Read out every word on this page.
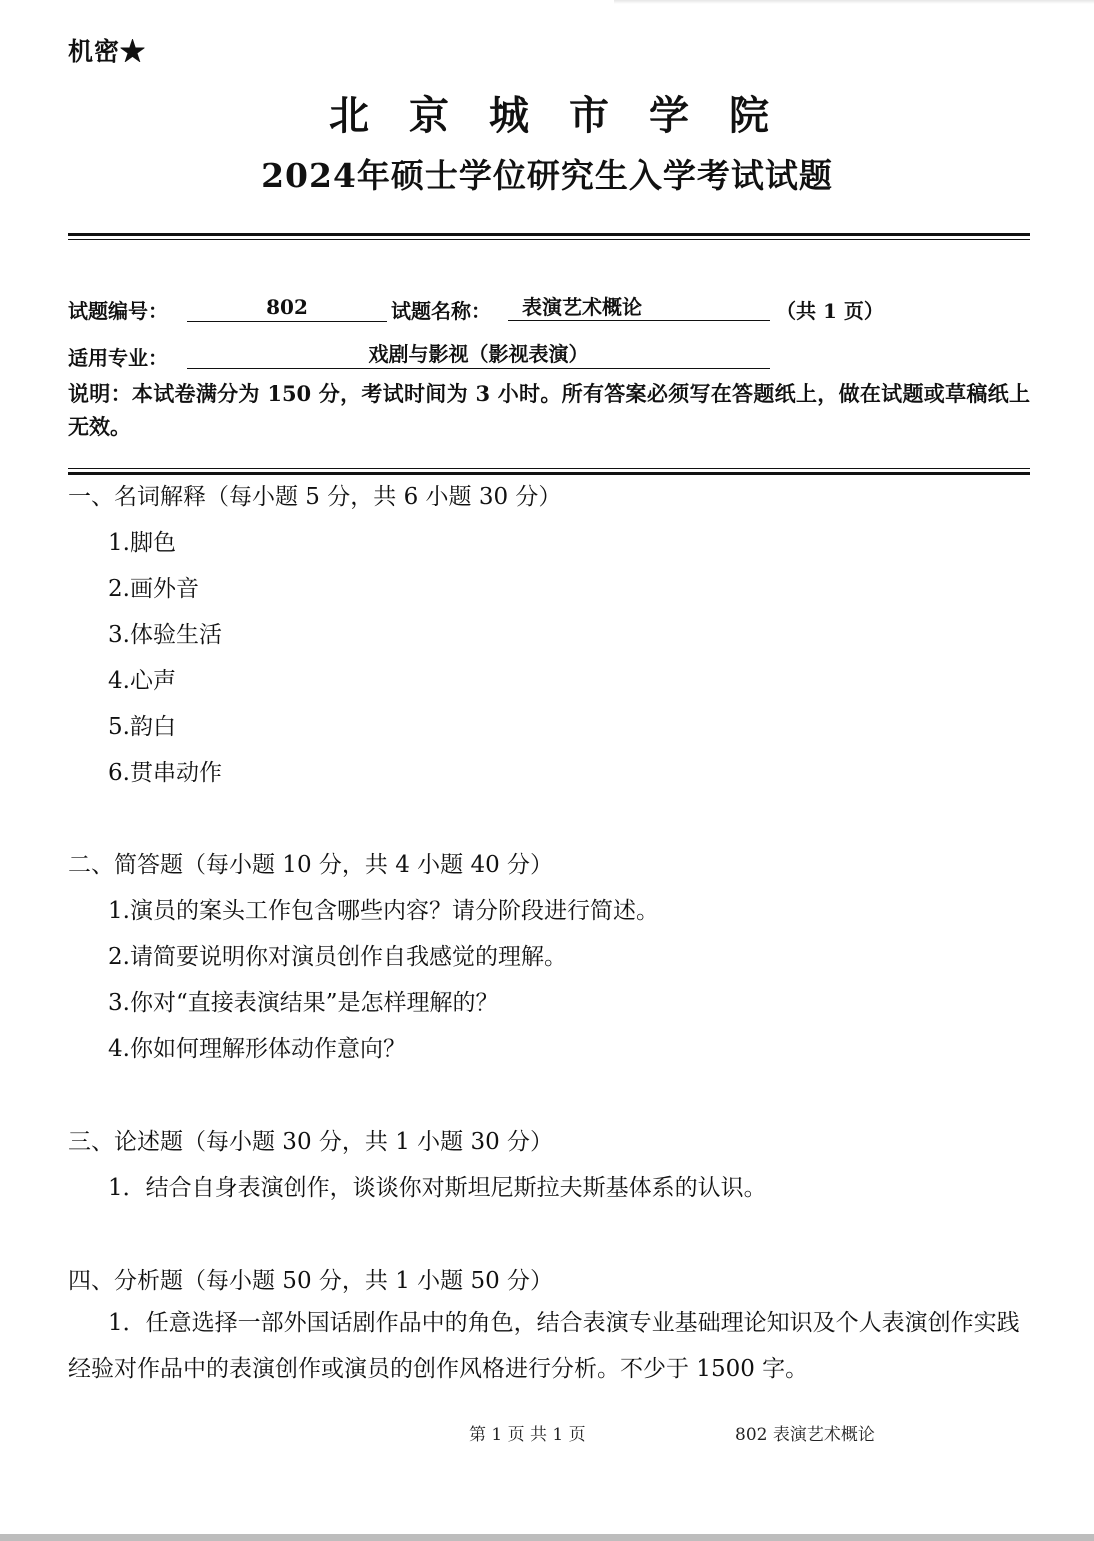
机密★
北京城市学院
2024年硕士学位研究生入学考试试题
试题编号：	802	试题名称：	表演艺术概论	（共 1 页）
适用专业：	戏剧与影视（影视表演）
说明：本试卷满分为 150 分，考试时间为 3 小时。所有答案必须写在答题纸上，做在试题或草稿纸上无效。
一、名词解释（每小题 5 分，共 6 小题 30 分）
1.脚色
2.画外音
3.体验生活
4.心声
5.韵白
6.贯串动作
二、简答题（每小题 10 分，共 4 小题 40 分）
1.演员的案头工作包含哪些内容？请分阶段进行简述。
2.请简要说明你对演员创作自我感觉的理解。
3.你对“直接表演结果”是怎样理解的？
4.你如何理解形体动作意向？
三、论述题（每小题 30 分，共 1 小题 30 分）
1．结合自身表演创作，谈谈你对斯坦尼斯拉夫斯基体系的认识。
四、分析题（每小题 50 分，共 1 小题 50 分）
1．任意选择一部外国话剧作品中的角色，结合表演专业基础理论知识及个人表演创作实践经验对作品中的表演创作或演员的创作风格进行分析。不少于 1500 字。
第 1 页 共 1 页	802 表演艺术概论
